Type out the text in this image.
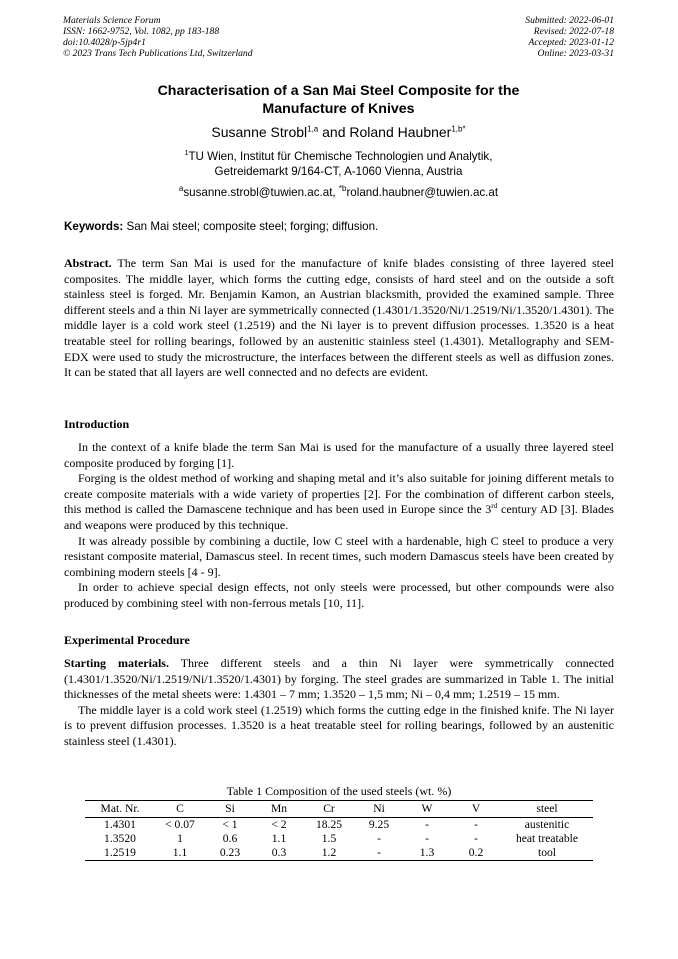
Materials Science Forum
ISSN: 1662-9752, Vol. 1082, pp 183-188
doi:10.4028/p-5jp4r1
© 2023 Trans Tech Publications Ltd, Switzerland
Submitted: 2022-06-01
Revised: 2022-07-18
Accepted: 2023-01-12
Online: 2023-03-31
Characterisation of a San Mai Steel Composite for the
Manufacture of Knives
Susanne Strobl$^{1,a}$ and Roland Haubner$^{1,b*}$
$^1$TU Wien, Institut für Chemische Technologien und Analytik,
Getreidemarkt 9/164-CT, A-1060 Vienna, Austria
$^a$susanne.strobl@tuwien.ac.at, $^{*b}$roland.haubner@tuwien.ac.at
Keywords: San Mai steel; composite steel; forging; diffusion.

Abstract. The term San Mai is used for the manufacture of knife blades consisting of three layered steel composites. The middle layer, which forms the cutting edge, consists of hard steel and on the outside a soft stainless steel is forged. Mr. Benjamin Kamon, an Austrian blacksmith, provided the examined sample. Three different steels and a thin Ni layer are symmetrically connected (1.4301/1.3520/Ni/1.2519/Ni/1.3520/1.4301). The middle layer is a cold work steel (1.2519) and the Ni layer is to prevent diffusion processes. 1.3520 is a heat treatable steel for rolling bearings, followed by an austenitic stainless steel (1.4301). Metallography and SEM-EDX were used to study the microstructure, the interfaces between the different steels as well as diffusion zones. It can be stated that all layers are well connected and no defects are evident.

Introduction

In the context of a knife blade the term San Mai is used for the manufacture of a usually three layered steel composite produced by forging [1].

Forging is the oldest method of working and shaping metal and it’s also suitable for joining different metals to create composite materials with a wide variety of properties [2]. For the combination of different carbon steels, this method is called the Damascene technique and has been used in Europe since the 3rd century AD [3]. Blades and weapons were produced by this technique.

It was already possible by combining a ductile, low C steel with a hardenable, high C steel to produce a very resistant composite material, Damascus steel. In recent times, such modern Damascus steels have been created by combining modern steels [4 - 9].

In order to achieve special design effects, not only steels were processed, but other compounds were also produced by combining steel with non-ferrous metals [10, 11].

Experimental Procedure

Starting materials. Three different steels and a thin Ni layer were symmetrically connected (1.4301/1.3520/Ni/1.2519/Ni/1.3520/1.4301) by forging. The steel grades are summarized in Table 1. The initial thicknesses of the metal sheets were: 1.4301 – 7 mm; 1.3520 – 1,5 mm; Ni – 0,4 mm; 1.2519 – 15 mm.

The middle layer is a cold work steel (1.2519) which forms the cutting edge in the finished knife. The Ni layer is to prevent diffusion processes. 1.3520 is a heat treatable steel for rolling bearings, followed by an austenitic stainless steel (1.4301).

Table 1 Composition of the used steels (wt. %)
Mat. Nr.	C	Si	Mn	Cr	Ni	W	V	steel
1.4301	< 0.07	< 1	< 2	18.25	9.25	-	-	austenitic
1.3520	1	0.6	1.1	1.5	-	-	-	heat treatable
1.2519	1.1	0.23	0.3	1.2	-	1.3	0.2	tool
